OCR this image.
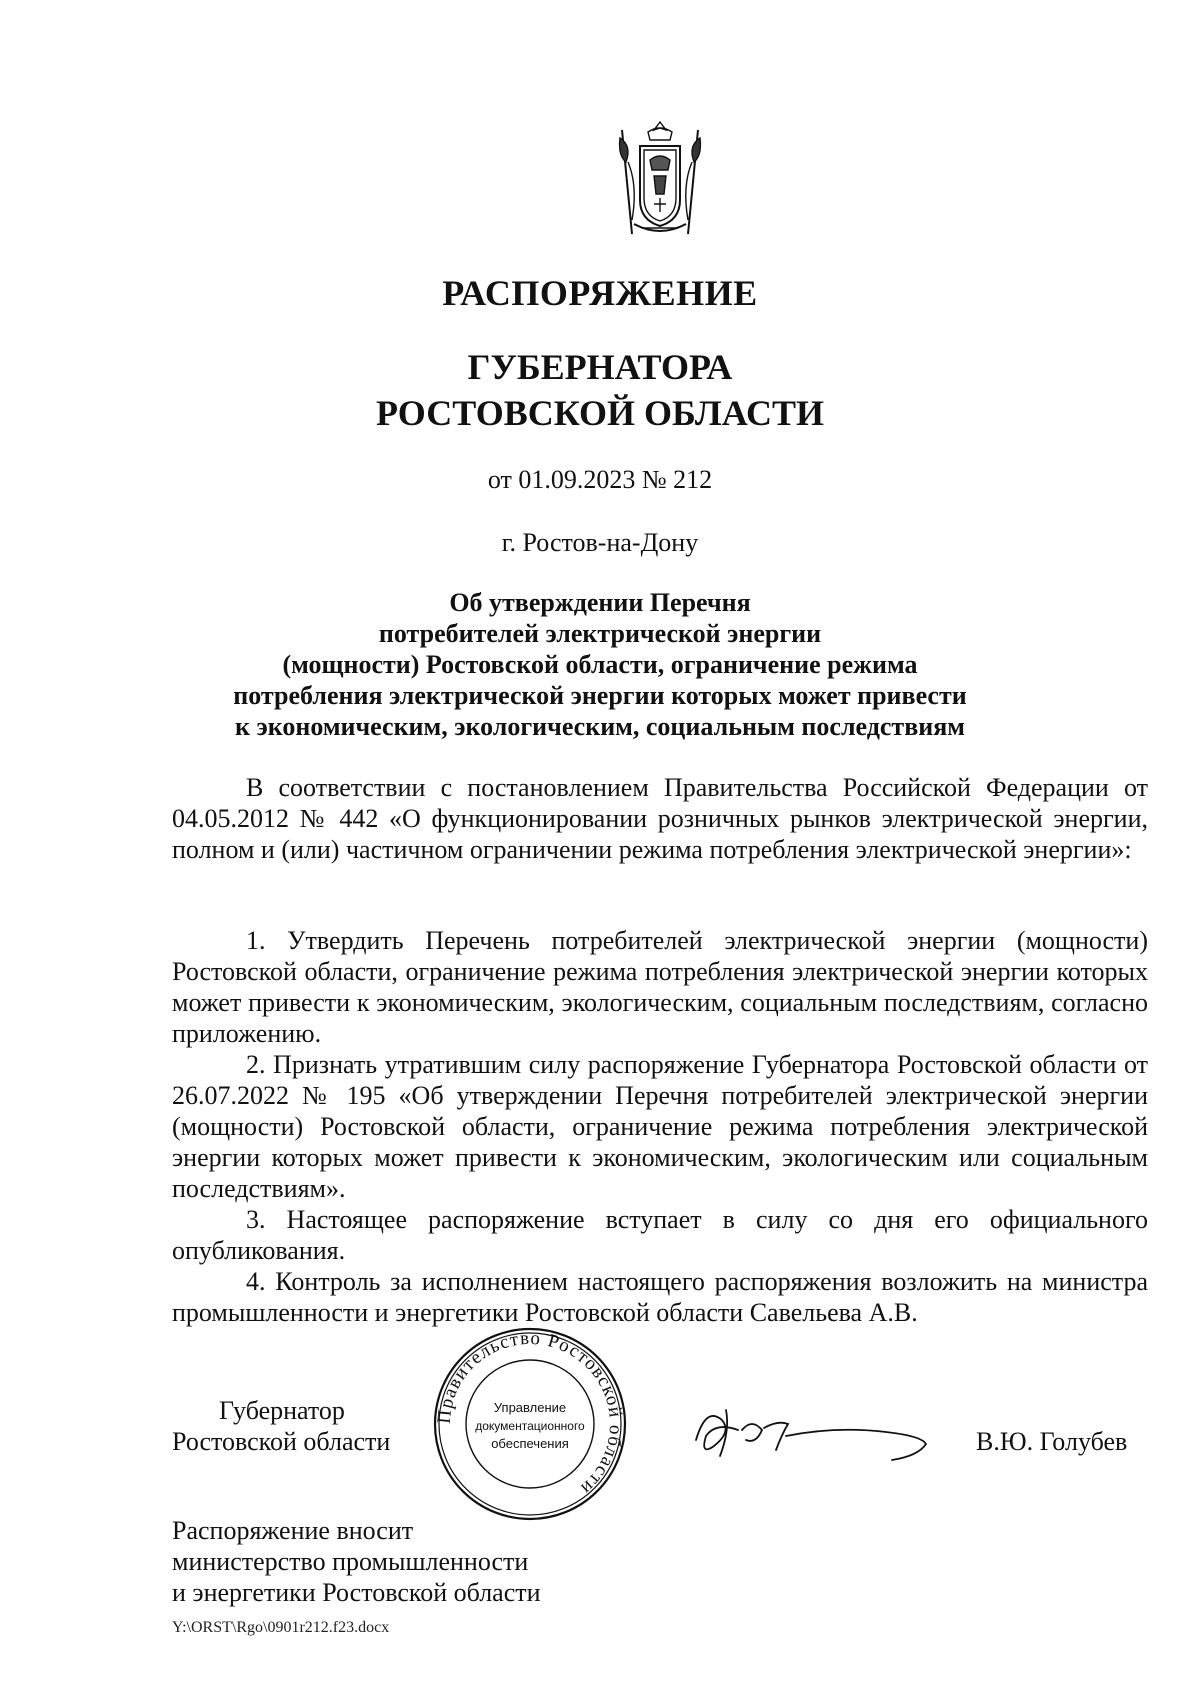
РАСПОРЯЖЕНИЕ
ГУБЕРНАТОРА
РОСТОВСКОЙ ОБЛАСТИ
от 01.09.2023 № 212
г. Ростов-на-Дону
Об утверждении Перечня
потребителей электрической энергии
(мощности) Ростовской области, ограничение режима
потребления электрической энергии которых может привести
к экономическим, экологическим, социальным последствиям
В соответствии с постановлением Правительства Российской Федерации от 04.05.2012 № 442 «О функционировании розничных рынков электрической энергии, полном и (или) частичном ограничении режима потребления электрической энергии»:
1. Утвердить Перечень потребителей электрической энергии (мощности) Ростовской области, ограничение режима потребления электрической энергии которых может привести к экономическим, экологическим, социальным последствиям, согласно приложению.
2. Признать утратившим силу распоряжение Губернатора Ростовской области от 26.07.2022 № 195 «Об утверждении Перечня потребителей электрической энергии (мощности) Ростовской области, ограничение режима потребления электрической энергии которых может привести к экономическим, экологическим или социальным последствиям».
3. Настоящее распоряжение вступает в силу со дня его официального опубликования.
4. Контроль за исполнением настоящего распоряжения возложить на министра промышленности и энергетики Ростовской области Савельева А.В.
Губернатор
Ростовской области	В.Ю. Голубев
Распоряжение вносит
министерство промышленности
и энергетики Ростовской области
Правительство Ростовской области
Управление
документационного
обеспечения
Y:\ORST\Rgo\0901r212.f23.docx
